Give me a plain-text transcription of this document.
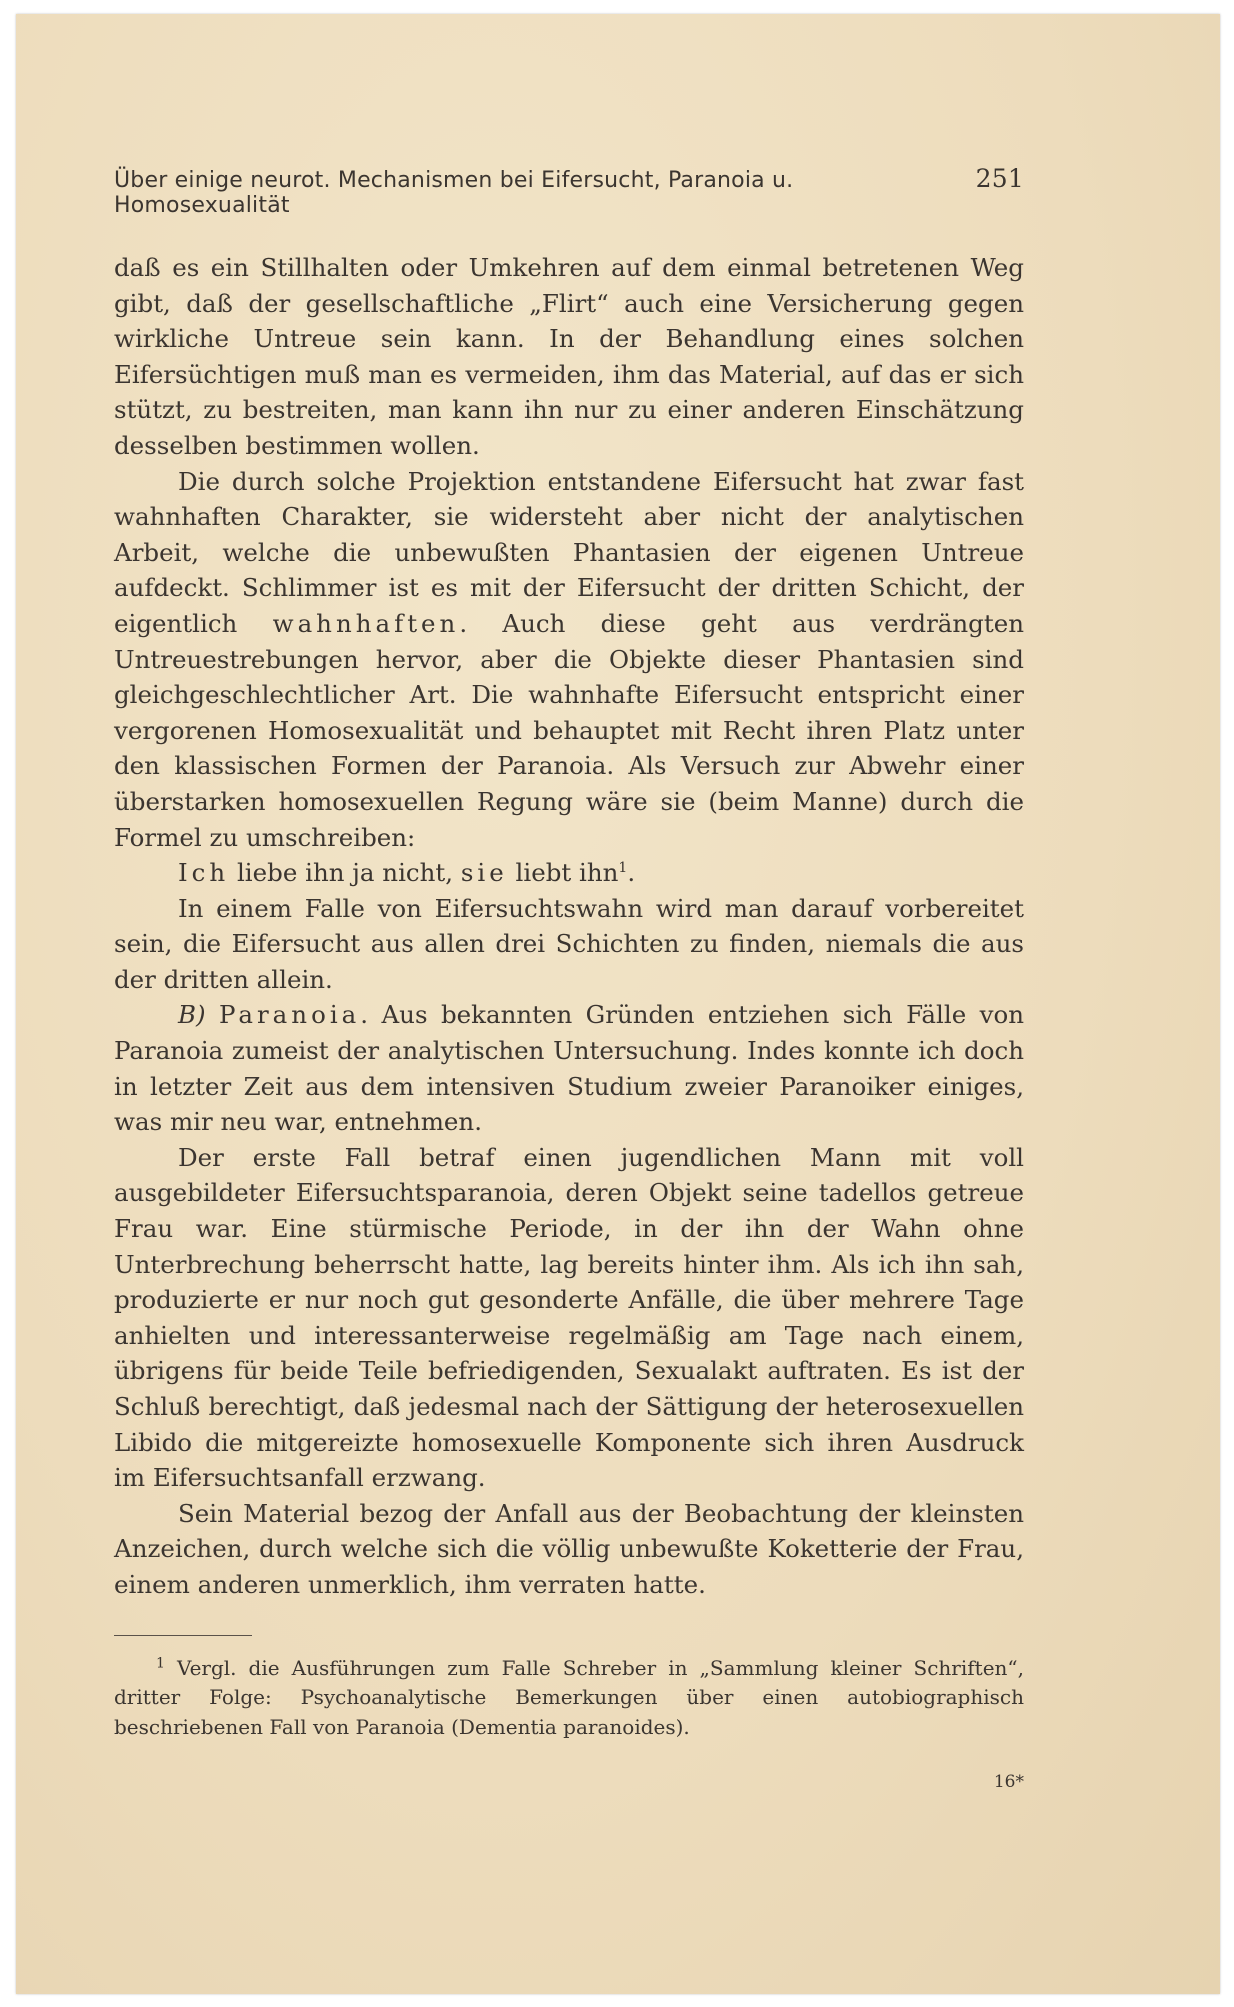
Über einige neurot. Mechanismen bei Eifersucht, Paranoia u. Homosexualität
251

daß es ein Stillhalten oder Umkehren auf dem einmal betretenen Weg gibt, daß der gesellschaftliche „Flirt“ auch eine Versicherung gegen wirkliche Untreue sein kann. In der Behandlung eines solchen Eifersüchtigen muß man es vermeiden, ihm das Material, auf das er sich stützt, zu bestreiten, man kann ihn nur zu einer anderen Einschätzung desselben bestimmen wollen.

Die durch solche Projektion entstandene Eifersucht hat zwar fast wahnhaften Charakter, sie widersteht aber nicht der analytischen Arbeit, welche die unbewußten Phantasien der eigenen Untreue aufdeckt. Schlimmer ist es mit der Eifersucht der dritten Schicht, der eigentlich wahnhaften. Auch diese geht aus verdrängten Untreuestrebungen hervor, aber die Objekte dieser Phantasien sind gleichgeschlechtlicher Art. Die wahnhafte Eifersucht entspricht einer vergorenen Homosexualität und behauptet mit Recht ihren Platz unter den klassischen Formen der Paranoia. Als Versuch zur Abwehr einer überstarken homosexuellen Regung wäre sie (beim Manne) durch die Formel zu umschreiben:

Ich liebe ihn ja nicht, sie liebt ihn$^1$.

In einem Falle von Eifersuchtswahn wird man darauf vorbereitet sein, die Eifersucht aus allen drei Schichten zu finden, niemals die aus der dritten allein.

B) Paranoia. Aus bekannten Gründen entziehen sich Fälle von Paranoia zumeist der analytischen Untersuchung. Indes konnte ich doch in letzter Zeit aus dem intensiven Studium zweier Paranoiker einiges, was mir neu war, entnehmen.

Der erste Fall betraf einen jugendlichen Mann mit voll ausgebildeter Eifersuchtsparanoia, deren Objekt seine tadellos getreue Frau war. Eine stürmische Periode, in der ihn der Wahn ohne Unterbrechung beherrscht hatte, lag bereits hinter ihm. Als ich ihn sah, produzierte er nur noch gut gesonderte Anfälle, die über mehrere Tage anhielten und interessanterweise regelmäßig am Tage nach einem, übrigens für beide Teile befriedigenden, Sexualakt auftraten. Es ist der Schluß berechtigt, daß jedesmal nach der Sättigung der heterosexuellen Libido die mitgereizte homosexuelle Komponente sich ihren Ausdruck im Eifersuchtsanfall erzwang.

Sein Material bezog der Anfall aus der Beobachtung der kleinsten Anzeichen, durch welche sich die völlig unbewußte Koketterie der Frau, einem anderen unmerklich, ihm verraten hatte.

$^1$ Vergl. die Ausführungen zum Falle Schreber in „Sammlung kleiner Schriften“, dritter Folge: Psychoanalytische Bemerkungen über einen autobiographisch beschriebenen Fall von Paranoia (Dementia paranoides).

16*
